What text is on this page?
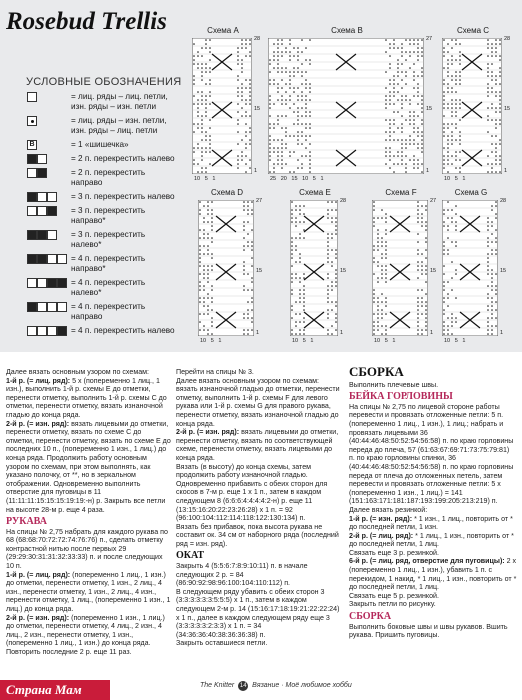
Rosebud Trellis
УСЛОВНЫЕ ОБОЗНАЧЕНИЯ
= лиц. ряды – лиц. петли, изн. ряды – изн. петли
= лиц. ряды – изн. петли, изн. ряды – лиц. петли
B	= 1 «шишечка»
= 2 п. перекрестить налево
= 2 п. перекрестить направо
= 3 п. перекрестить налево
= 3 п. перекрестить направо*
= 3 п. перекрестить налево*
= 4 п. перекрестить направо*
= 4 п. перекрестить налево*
= 4 п. перекрестить направо
= 4 п. перекрестить налево
Схема A
28
15
1
10   5   1
Схема B
27
15
1
25   20   15   10   5   1
Схема C
28
15
1
10   5   1
Схема D
27
15
1
10   5   1
Схема E
28
15
1
10   5   1
Схема F
27
15
1
10   5   1
Схема G
28
15
1
10   5   1

Далее вязать основным узором по схемам:

1-й р. (= лиц. ряд): 5 х (попеременно 1 лиц., 1 изн.), выполнить 1-й р. схемы E до отметки, перенести отметку, выполнить 1-й р. схемы C до отметки, перенести отметку, вязать изнаночной гладью до конца ряда.

2-й р. (= изн. ряд): вязать лицевыми до отметки, перенести отметку, вязать по схеме C до отметки, перенести отметку, вязать по схеме E до последних 10 п., (попеременно 1 изн., 1 лиц.) до конца ряда. Продолжить работу основным узором по схемам, при этом выполнять, как указано полочку, от **, но в зеркальном отображении. Одновременно выполнить отверстие для пуговицы в 11 (11:11:11:15:15:15:19:19:-н) р. Закрыть все петли на высоте 28-м р. еще 4 раза.

РУКАВА

На спицы № 2,75 набрать для каждого рукава по 68 (68:68:70:72:72:74:76:76) п., сделать отметку контрастной нитью после первых 29 (29:29:30:31:31:32:33:33) п. и после следующих 10 п.

1-й р. (= лиц. ряд): (попеременно 1 лиц., 1 изн.) до отметки, перенести отметку, 1 изн., 2 лиц., 4 изн., перенести отметку, 1 изн., 2 лиц., 4 изн., перенести отметку, 1 лиц., (попеременно 1 изн., 1 лиц.) до конца ряда.

2-й р. (= изн. ряд): (попеременно 1 изн., 1 лиц.) до отметки, перенести отметку, 4 лиц., 2 изн., 4 лиц., 2 изн., перенести отметку, 1 изн., (попеременно 1 лиц., 1 изн.) до конца ряда. Повторить последние 2 р. еще 11 раз.

Перейти на спицы № 3.

Далее вязать основным узором по схемам: вязать изнаночной гладью до отметки, перенести отметку, выполнить 1-й р. схемы F для левого рукава или 1-й р. схемы G для правого рукава, перенести отметку, вязать изнаночной гладью до конца ряда.

2-й р. (= изн. ряд): вязать лицевыми до отметки, перенести отметку, вязать по соответствующей схеме, перенести отметку, вязать лицевыми до конца ряда.

Вязать (в высоту) до конца схемы, затем продолжить работу изнаночной гладью. Одновременно прибавить с обеих сторон для скосов в 7-м р. еще 1 х 1 п., затем в каждом следующем 8 (6:6:6:4:4:4:4:2-н) р. еще 11 (13:15:16:20:22:23:26:28) х 1 п. = 92 (96:100:104:112:114:118:122:130:134) п.

Вязать без прибавок, пока высота рукава не составит ок. 34 см от наборного ряда (последний ряд = изн. ряд).

ОКАТ

Закрыть 4 (5:5:6:7:8:9:10:11) п. в начале следующих 2 р. = 84 (86:90:92:98:96:100:104:110:112) п.

В следующем ряду убавить с обеих сторон 3 (3:3:3:3:3:3:5:5:5) х 1 п., затем в каждом следующем 2-м р. 14 (15:16:17:18:19:21:22:22:24) х 1 п., далее в каждом следующем ряду еще 3 (3:3:3:3:3:2:3:3) х 1 п. = 34 (34:36:36:40:38:36:36:38) п.

Закрыть оставшиеся петли.

СБОРКА

Выполнить плечевые швы.

БЕЙКА ГОРЛОВИНЫ

На спицы № 2,75 по лицевой стороне работы перевести и провязать отложенные петли: 5 п. (попеременно 1 лиц., 1 изн.), 1 лиц.; набрать и провязать лицевыми 36 (40:44:46:48:50:52:54:56:58) п. по краю горловины переда до плеча, 57 (61:63:67:69:71:73:75:79:81) п. по краю горловины спинки, 36 (40:44:46:48:50:52:54:56:58) п. по краю горловины переда от плеча до отложенных петель, затем перевести и провязать отложенные петли: 5 х (попеременно 1 изн., 1 лиц.) = 141 (151:163:171:181:187:193:199:205:213:219) п.

Далее вязать резинкой:

1-й р. (= изн. ряд): * 1 изн., 1 лиц., повторить от * до последней петли, 1 изн.

2-й р. (= лиц. ряд): * 1 лиц., 1 изн., повторить от * до последней петли, 1 лиц.

Связать еще 3 р. резинкой.

6-й р. (= лиц. ряд, отверстие для пуговицы): 2 х (попеременно 1 лиц., 1 изн.), убавить 1 п. с перекидом, 1 накид, * 1 лиц., 1 изн., повторить от * до последней петли, 1 лиц.

Связать еще 5 р. резинкой.

Закрыть петли по рисунку.

СБОРКА

Выполнить боковые швы и швы рукавов. Вшить рукава. Пришить пуговицы.

The Knitter 14 Вязание · Моё любимое хобби
Страна Мам
